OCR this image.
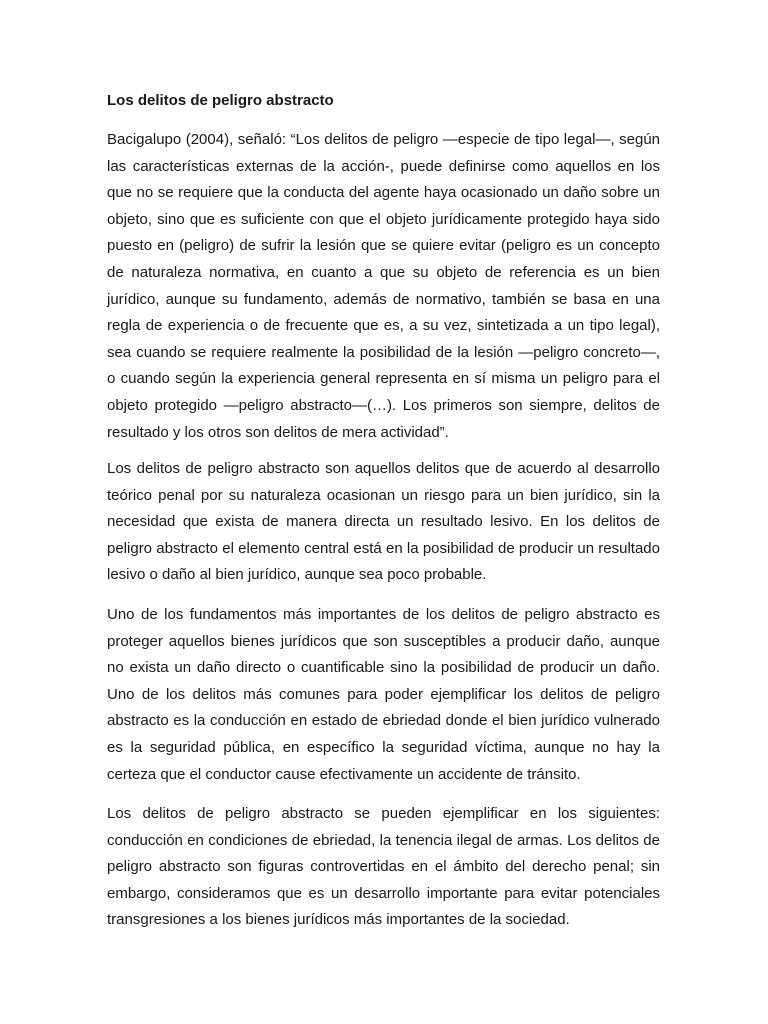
Los delitos de peligro abstracto
Bacigalupo (2004), señaló: “Los delitos de peligro —especie de tipo legal—, según
las características externas de la acción-, puede definirse como aquellos en los
que no se requiere que la conducta del agente haya ocasionado un daño sobre un
objeto, sino que es suficiente con que el objeto jurídicamente protegido haya sido
puesto en (peligro) de sufrir la lesión que se quiere evitar (peligro es un concepto
de naturaleza normativa, en cuanto a que su objeto de referencia es un bien
jurídico, aunque su fundamento, además de normativo, también se basa en una
regla de experiencia o de frecuente que es, a su vez, sintetizada a un tipo legal),
sea cuando se requiere realmente la posibilidad de la lesión —peligro concreto—,
o cuando según la experiencia general representa en sí misma un peligro para el
objeto protegido —peligro abstracto—(…). Los primeros son siempre, delitos de
resultado y los otros son delitos de mera actividad”.
Los delitos de peligro abstracto son aquellos delitos que de acuerdo al desarrollo
teórico penal por su naturaleza ocasionan un riesgo para un bien jurídico, sin la
necesidad que exista de manera directa un resultado lesivo. En los delitos de
peligro abstracto el elemento central está en la posibilidad de producir un resultado
lesivo o daño al bien jurídico, aunque sea poco probable.
Uno de los fundamentos más importantes de los delitos de peligro abstracto es
proteger aquellos bienes jurídicos que son susceptibles a producir daño, aunque
no exista un daño directo o cuantificable sino la posibilidad de producir un daño.
Uno de los delitos más comunes para poder ejemplificar los delitos de peligro
abstracto es la conducción en estado de ebriedad donde el bien jurídico vulnerado
es la seguridad pública, en específico la seguridad víctima, aunque no hay la
certeza que el conductor cause efectivamente un accidente de tránsito.
Los delitos de peligro abstracto se pueden ejemplificar en los siguientes:
conducción en condiciones de ebriedad, la tenencia ilegal de armas. Los delitos de
peligro abstracto son figuras controvertidas en el ámbito del derecho penal; sin
embargo, consideramos que es un desarrollo importante para evitar potenciales
transgresiones a los bienes jurídicos más importantes de la sociedad.
